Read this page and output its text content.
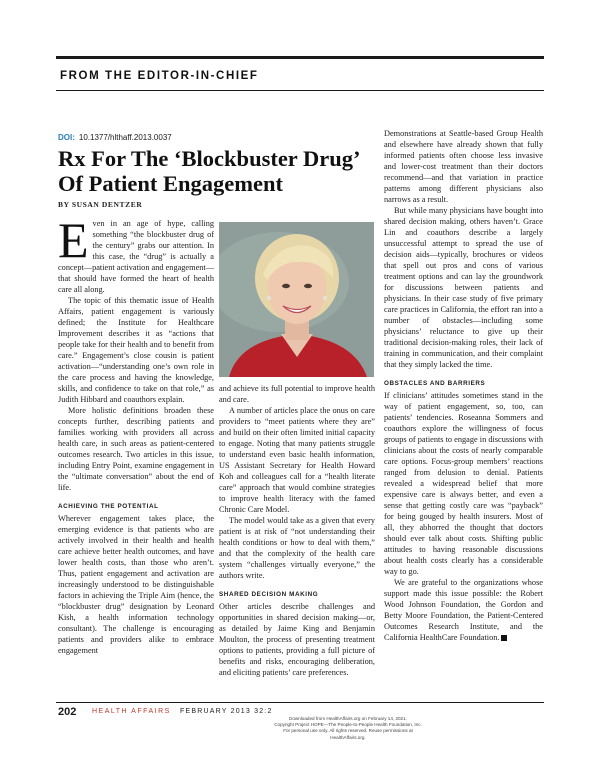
FROM THE EDITOR-IN-CHIEF
DOI: 10.1377/hlthaff.2013.0037
Rx For The ‘Blockbuster Drug’ Of Patient Engagement
BY SUSAN DENTZER

Even in an age of hype, calling something “the blockbuster drug of the century” grabs our attention. In this case, the “drug” is actually a concept—patient activation and engagement—that should have formed the heart of health care all along.

The topic of this thematic issue of Health Affairs, patient engagement is variously defined; the Institute for Healthcare Improvement describes it as “actions that people take for their health and to benefit from care.” Engagement’s close cousin is patient activation—“understanding one’s own role in the care process and having the knowledge, skills, and confidence to take on that role,” as Judith Hibbard and coauthors explain.

More holistic definitions broaden these concepts further, describing patients and families working with providers all across health care, in such areas as patient-centered outcomes research. Two articles in this issue, including Entry Point, examine engagement in the “ultimate conversation” about the end of life.

ACHIEVING THE POTENTIAL

Wherever engagement takes place, the emerging evidence is that patients who are actively involved in their health and health care achieve better health outcomes, and have lower health costs, than those who aren’t. Thus, patient engagement and activation are increasingly understood to be distinguishable factors in achieving the Triple Aim (hence, the “blockbuster drug” designation by Leonard Kish, a health information technology consultant). The challenge is encouraging patients and providers alike to embrace engagement

and achieve its full potential to improve health and care.

A number of articles place the onus on care providers to “meet patients where they are” and build on their often limited initial capacity to engage. Noting that many patients struggle to understand even basic health information, US Assistant Secretary for Health Howard Koh and colleagues call for a “health literate care” approach that would combine strategies to improve health literacy with the famed Chronic Care Model.

The model would take as a given that every patient is at risk of “not understanding their health conditions or how to deal with them,” and that the complexity of the health care system “challenges virtually everyone,” the authors write.

SHARED DECISION MAKING

Other articles describe challenges and opportunities in shared decision making—or, as detailed by Jaime King and Benjamin Moulton, the process of presenting treatment options to patients, providing a full picture of benefits and risks, encouraging deliberation, and eliciting patients’ care preferences.

Demonstrations at Seattle-based Group Health and elsewhere have already shown that fully informed patients often choose less invasive and lower-cost treatment than their doctors recommend—and that variation in practice patterns among different physicians also narrows as a result.

But while many physicians have bought into shared decision making, others haven’t. Grace Lin and coauthors describe a largely unsuccessful attempt to spread the use of decision aids—typically, brochures or videos that spell out pros and cons of various treatment options and can lay the groundwork for discussions between patients and physicians. In their case study of five primary care practices in California, the effort ran into a number of obstacles—including some physicians’ reluctance to give up their traditional decision-making roles, their lack of training in communication, and their complaint that they simply lacked the time.

OBSTACLES AND BARRIERS

If clinicians’ attitudes sometimes stand in the way of patient engagement, so, too, can patients’ tendencies. Roseanna Sommers and coauthors explore the willingness of focus groups of patients to engage in discussions with clinicians about the costs of nearly comparable care options. Focus-group members’ reactions ranged from delusion to denial. Patients revealed a widespread belief that more expensive care is always better, and even a sense that getting costly care was “payback” for being gouged by health insurers. Most of all, they abhorred the thought that doctors should ever talk about costs. Shifting public attitudes to having reasonable discussions about health costs clearly has a considerable way to go.

We are grateful to the organizations whose support made this issue possible: the Robert Wood Johnson Foundation, the Gordon and Betty Moore Foundation, the Patient-Centered Outcomes Research Institute, and the California HealthCare Foundation.

202 HEALTH AFFAIRS FEBRUARY 2013 32:2
Downloaded from HealthAffairs.org on February 14, 2021.
Copyright Project HOPE—The People-to-People Health Foundation, Inc.
For personal use only. All rights reserved. Reuse permissions at HealthAffairs.org.
